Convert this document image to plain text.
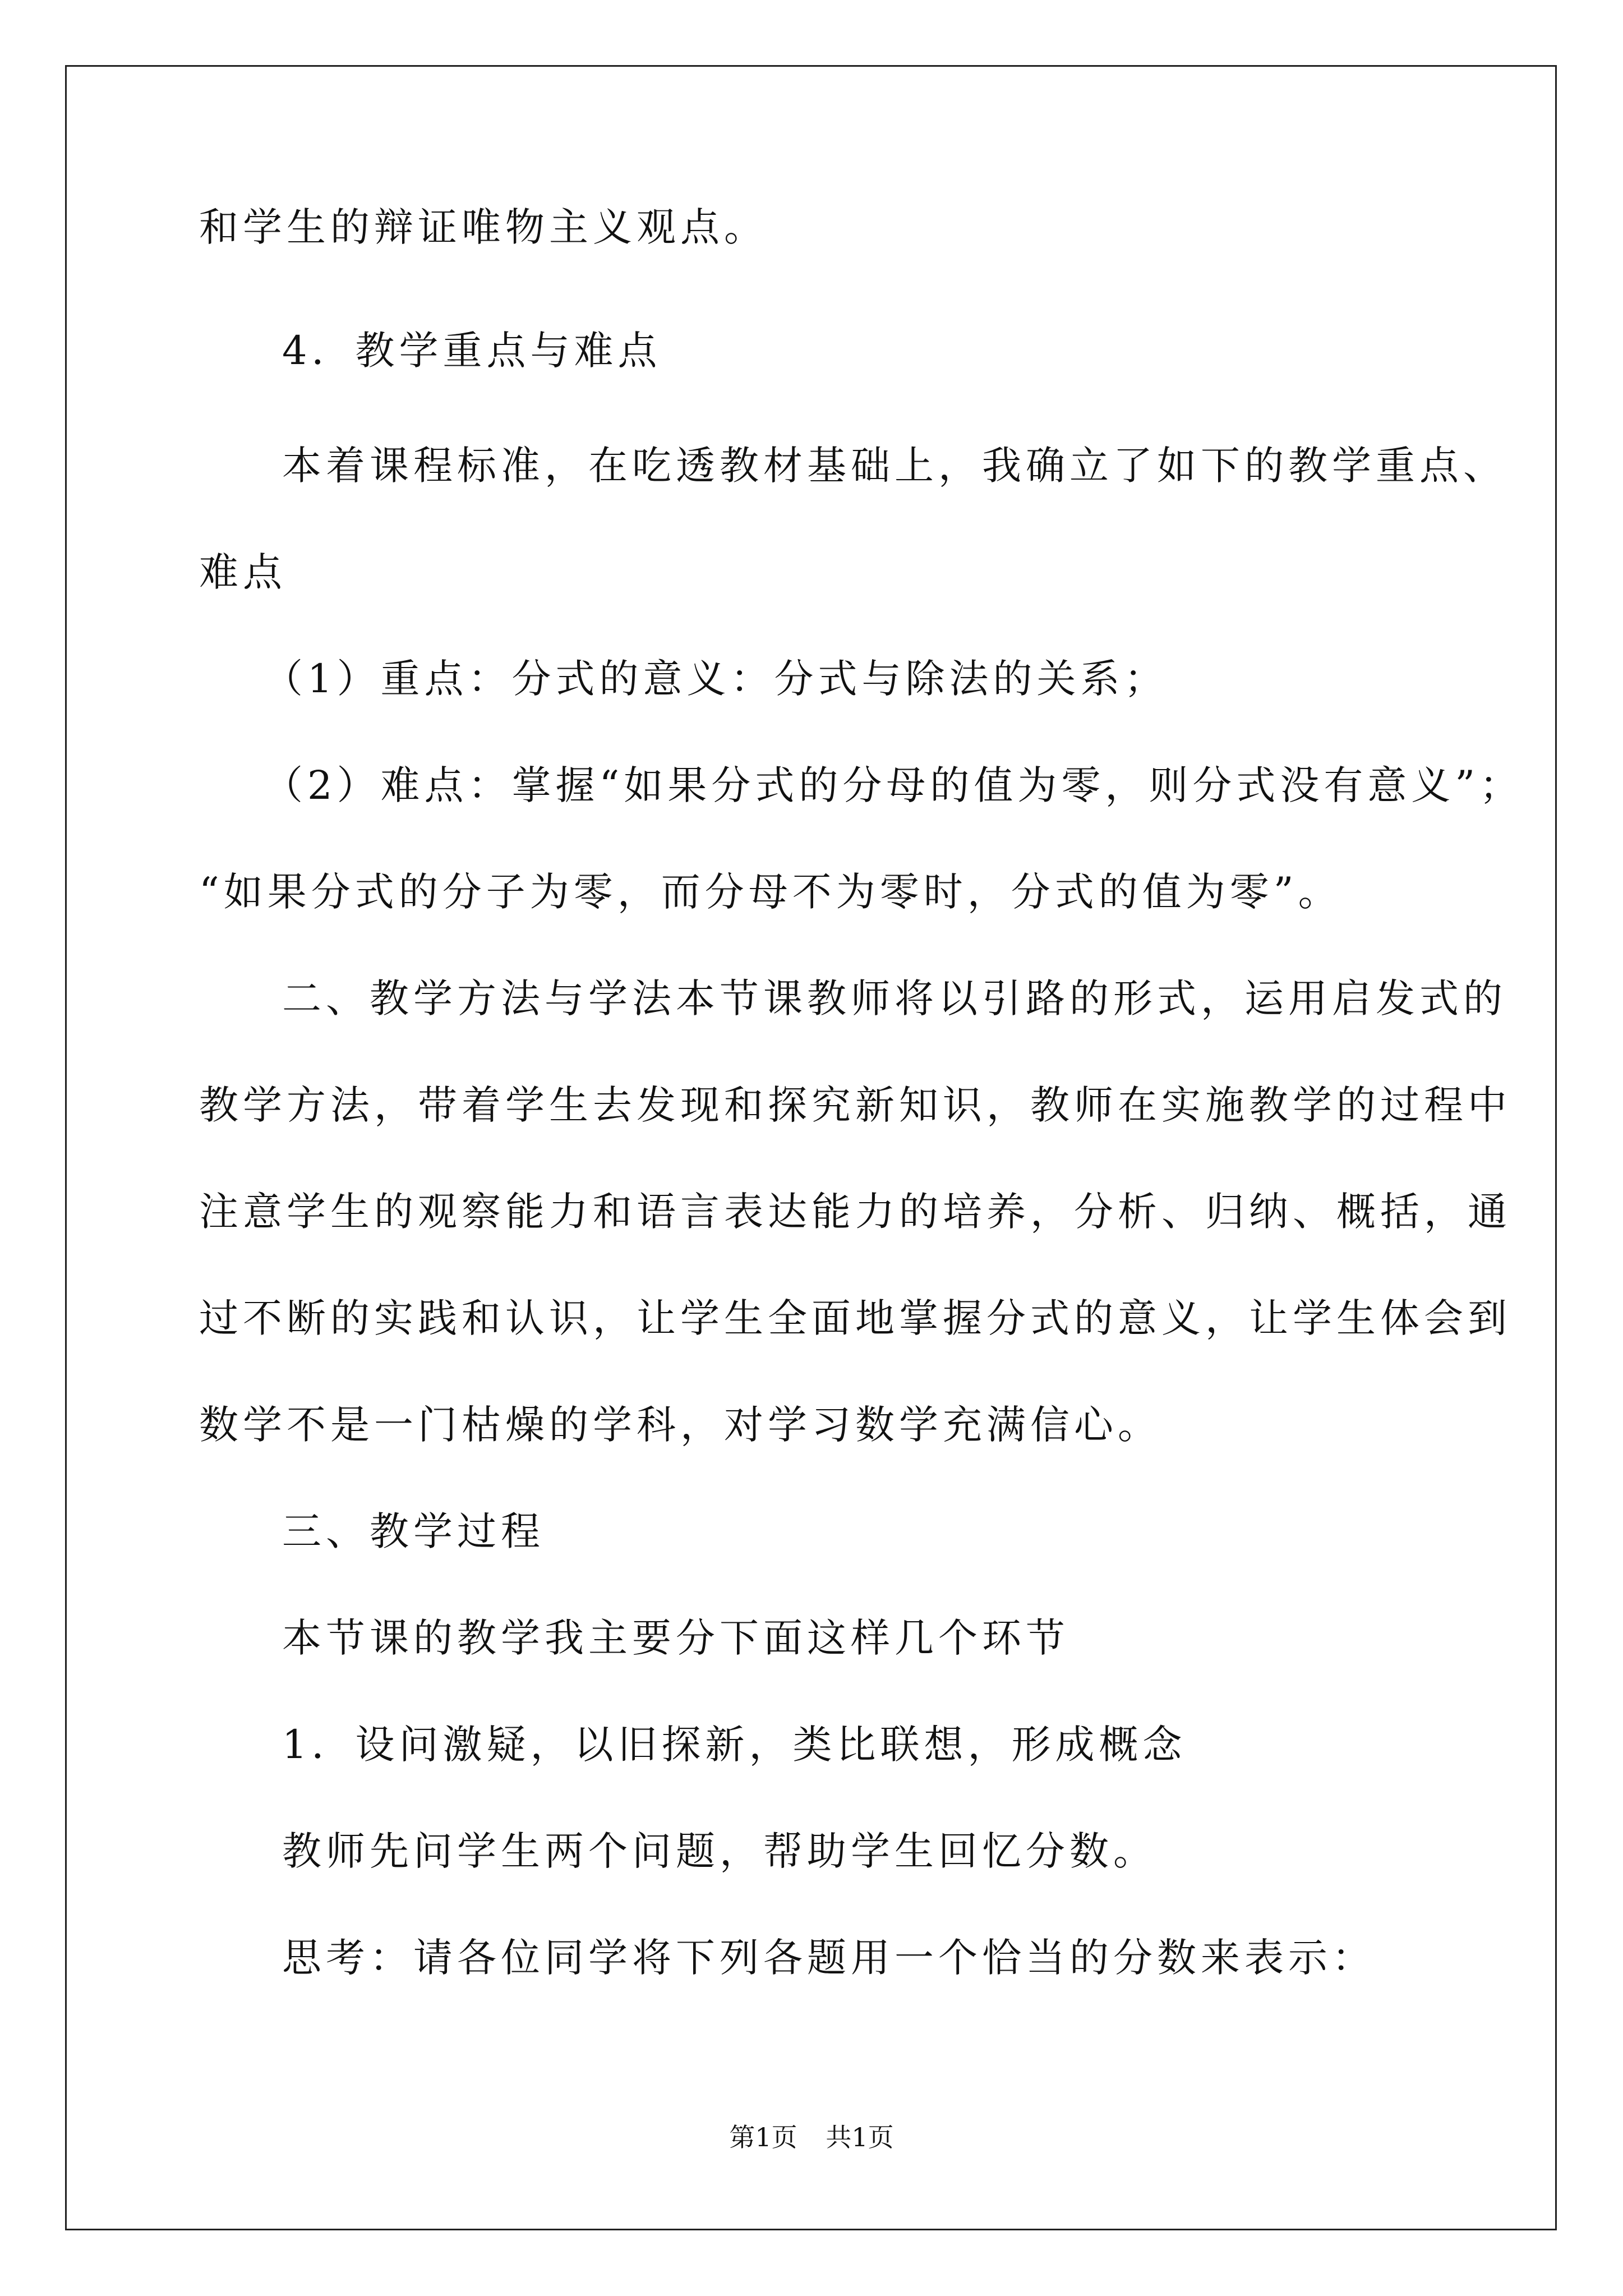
和学生的辩证唯物主义观点。
4．教学重点与难点
本着课程标准，在吃透教材基础上，我确立了如下的教学重点、
难点
（1）重点：分式的意义：分式与除法的关系；
（2）难点：掌握“如果分式的分母的值为零，则分式没有意义”；
“如果分式的分子为零，而分母不为零时，分式的值为零”。
二、教学方法与学法本节课教师将以引路的形式，运用启发式的
教学方法，带着学生去发现和探究新知识，教师在实施教学的过程中
注意学生的观察能力和语言表达能力的培养，分析、归纳、概括，通
过不断的实践和认识，让学生全面地掌握分式的意义，让学生体会到
数学不是一门枯燥的学科，对学习数学充满信心。
三、教学过程
本节课的教学我主要分下面这样几个环节
1．设问激疑，以旧探新，类比联想，形成概念
教师先问学生两个问题，帮助学生回忆分数。
思考：请各位同学将下列各题用一个恰当的分数来表示：
第1页 共1页
